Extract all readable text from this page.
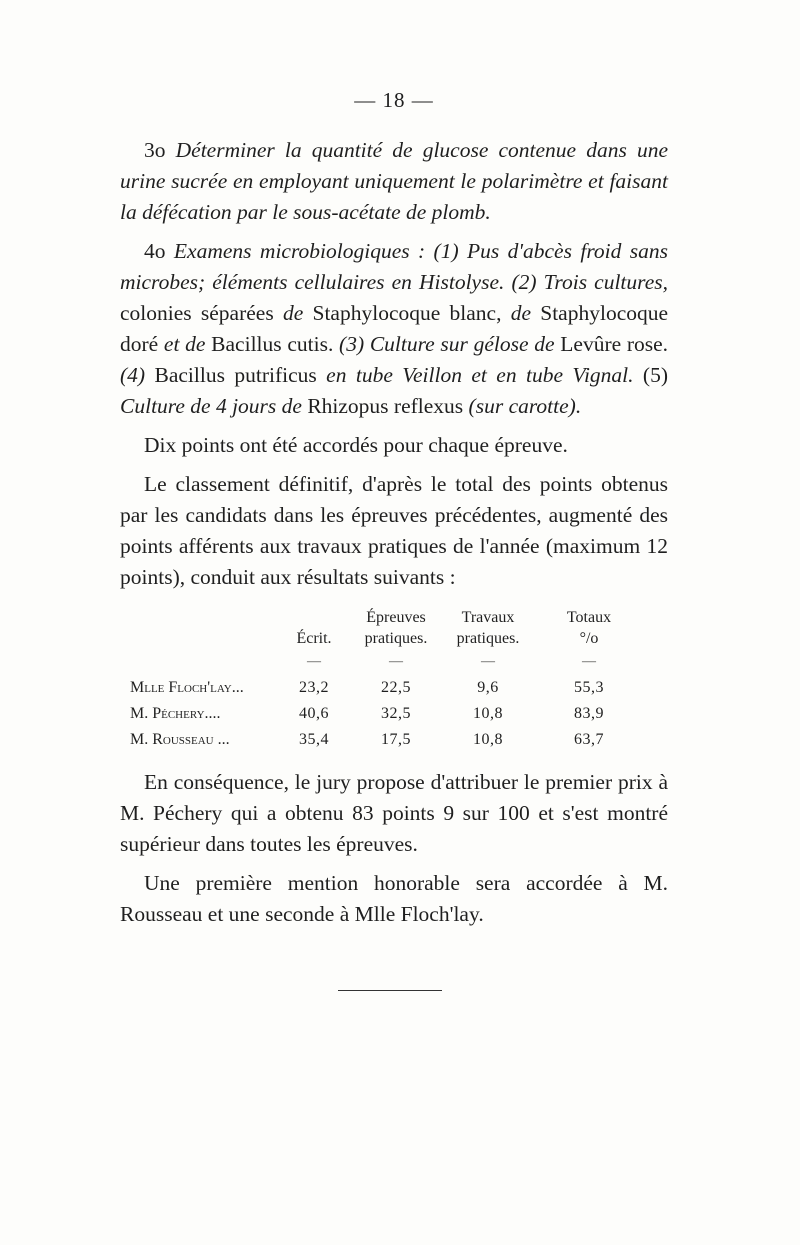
— 18 —

3o Déterminer la quantité de glucose contenue dans une urine sucrée en employant uniquement le polarimètre et faisant la défécation par le sous-acétate de plomb.

4o Examens microbiologiques : (1) Pus d'abcès froid sans microbes; éléments cellulaires en Histolyse. (2) Trois cultures, colonies séparées de Staphylocoque blanc, de Staphylocoque doré et de Bacillus cutis. (3) Culture sur gélose de Levûre rose. (4) Bacillus putrificus en tube Veillon et en tube Vignal. (5) Culture de 4 jours de Rhizopus reflexus (sur carotte).

Dix points ont été accordés pour chaque épreuve.

Le classement définitif, d'après le total des points obtenus par les candidats dans les épreuves précédentes, augmenté des points afférents aux travaux pratiques de l'année (maximum 12 points), conduit aux résultats suivants :

		Épreuves	Travaux	Totaux
	Écrit.	pratiques.	pratiques.	°/o
	—	—	—	—
Mlle Floch'lay...	23,2	22,5	9,6	55,3
M. Péchery....	40,6	32,5	10,8	83,9
M. Rousseau ...	35,4	17,5	10,8	63,7

En conséquence, le jury propose d'attribuer le premier prix à M. Péchery qui a obtenu 83 points 9 sur 100 et s'est montré supérieur dans toutes les épreuves.

Une première mention honorable sera accordée à M. Rousseau et une seconde à Mlle Floch'lay.
